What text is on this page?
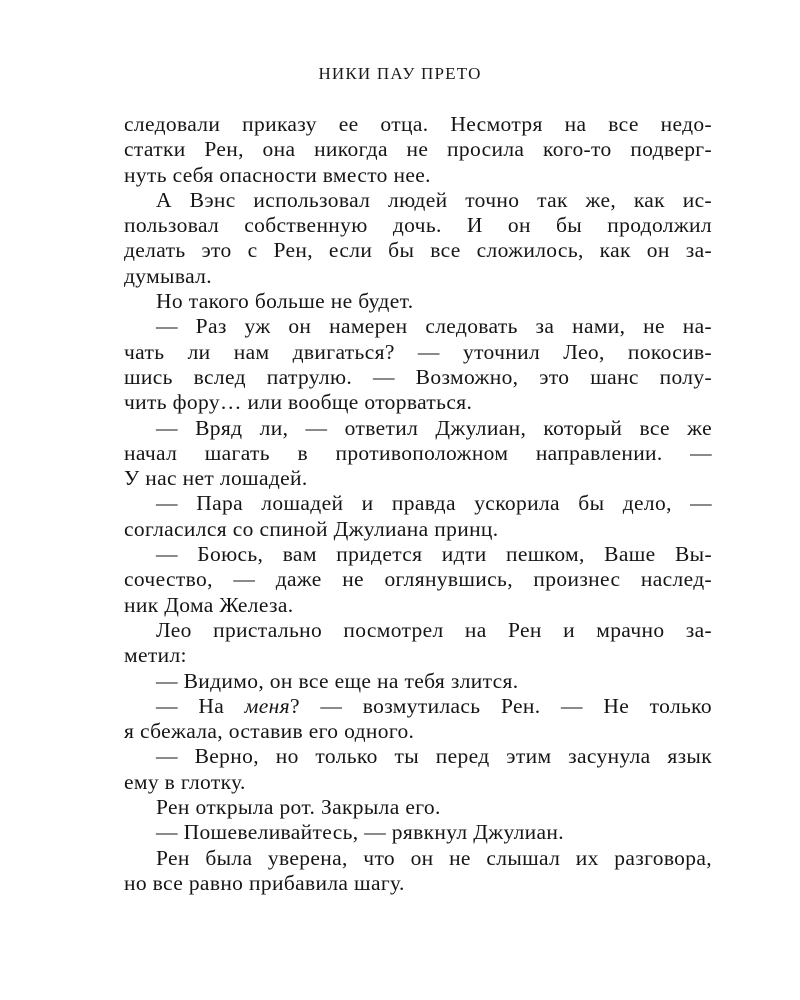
НИКИ ПАУ ПРЕТО
следовали приказу ее отца. Несмотря на все недо-
статки Рен, она никогда не просила кого-то подверг-
нуть себя опасности вместо нее.
А Вэнс использовал людей точно так же, как ис-
пользовал собственную дочь. И он бы продолжил
делать это с Рен, если бы все сложилось, как он за-
думывал.
Но такого больше не будет.
— Раз уж он намерен следовать за нами, не на-
чать ли нам двигаться? — уточнил Лео, покосив-
шись вслед патрулю. — Возможно, это шанс полу-
чить фору… или вообще оторваться.
— Вряд ли, — ответил Джулиан, который все же
начал шагать в противоположном направлении. —
У нас нет лошадей.
— Пара лошадей и правда ускорила бы дело, —
согласился со спиной Джулиана принц.
— Боюсь, вам придется идти пешком, Ваше Вы-
сочество, — даже не оглянувшись, произнес наслед-
ник Дома Железа.
Лео пристально посмотрел на Рен и мрачно за-
метил:
— Видимо, он все еще на тебя злится.
— На меня? — возмутилась Рен. — Не только
я сбежала, оставив его одного.
— Верно, но только ты перед этим засунула язык
ему в глотку.
Рен открыла рот. Закрыла его.
— Пошевеливайтесь, — рявкнул Джулиан.
Рен была уверена, что он не слышал их разговора,
но все равно прибавила шагу.
